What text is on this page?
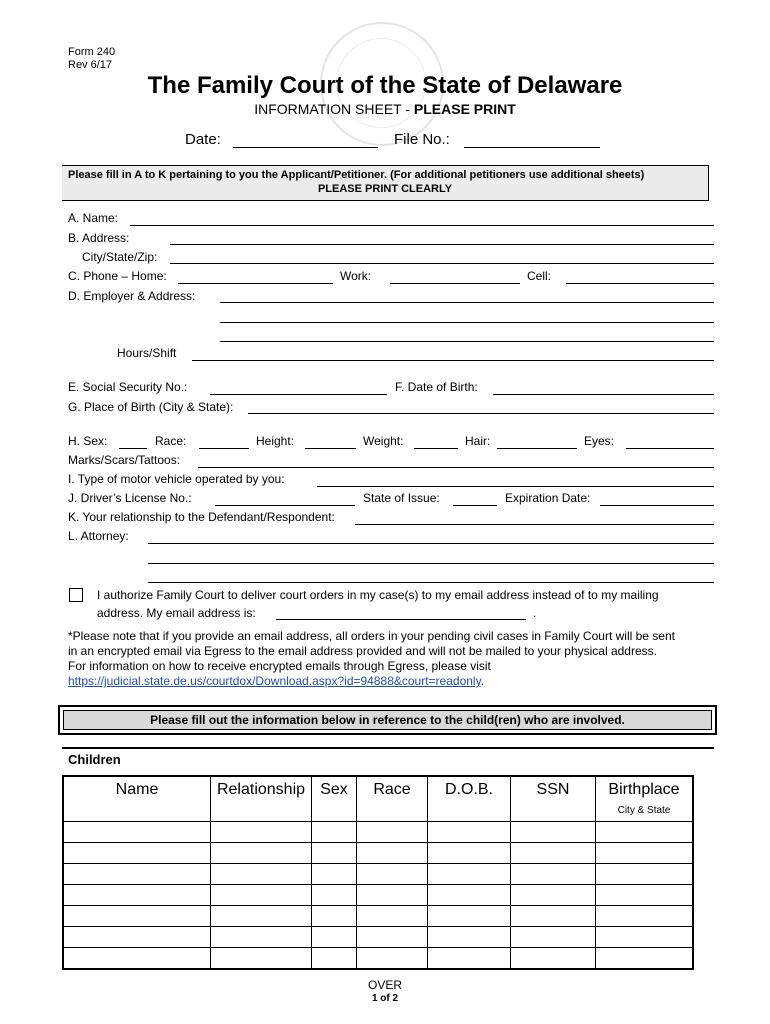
Form 240
Rev 6/17
The Family Court of the State of Delaware
INFORMATION SHEET - PLEASE PRINT
Date:	File No.:
Please fill in A to K pertaining to you the Applicant/Petitioner. (For additional petitioners use additional sheets)
PLEASE PRINT CLEARLY
A. Name:
B. Address:
City/State/Zip:
C. Phone – Home:	Work:	Cell:
D. Employer & Address:
Hours/Shift
E. Social Security No.:	F. Date of Birth:
G. Place of Birth (City & State):
H. Sex:	Race:	Height:	Weight:	Hair:	Eyes:
Marks/Scars/Tattoos:
I. Type of motor vehicle operated by you:
J. Driver’s License No.:	State of Issue:	Expiration Date:
K. Your relationship to the Defendant/Respondent:
L. Attorney:
I authorize Family Court to deliver court orders in my case(s) to my email address instead of to my mailing
address. My email address is:	.
*Please note that if you provide an email address, all orders in your pending civil cases in Family Court will be sent
in an encrypted email via Egress to the email address provided and will not be mailed to your physical address.
For information on how to receive encrypted emails through Egress, please visit
https://judicial.state.de.us/courtdox/Download.aspx?id=94888&court=readonly.
Please fill out the information below in reference to the child(ren) who are involved.
Children
Name	Relationship	Sex	Race	D.O.B.	SSN	Birthplace
City & State

OVER
1 of 2
